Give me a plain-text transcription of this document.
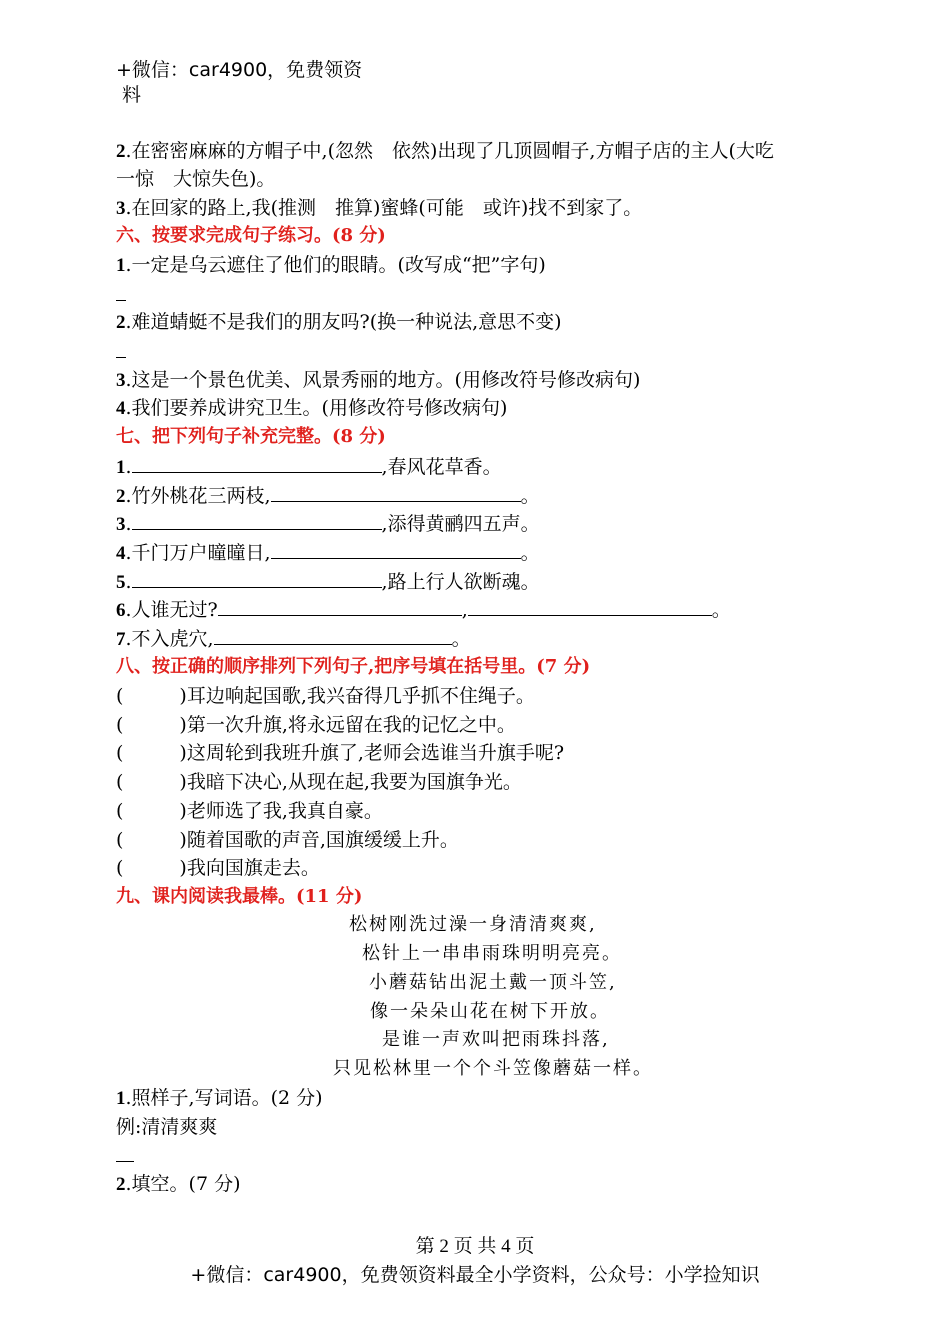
+微信：car4900，免费领资
料
2.在密密麻麻的方帽子中,(忽然　依然)出现了几顶圆帽子,方帽子店的主人(大吃
一惊　大惊失色)。
3.在回家的路上,我(推测　推算)蜜蜂(可能　或许)找不到家了。
六、按要求完成句子练习。(8 分)
1.一定是乌云遮住了他们的眼睛。(改写成“把”字句)
2.难道蜻蜓不是我们的朋友吗?(换一种说法,意思不变)
3.这是一个景色优美、风景秀丽的地方。(用修改符号修改病句)
4.我们要养成讲究卫生。(用修改符号修改病句)
七、把下列句子补充完整。(8 分)
1.	,春风花草香。
2.竹外桃花三两枝,	。
3.	,添得黄鹂四五声。
4.千门万户曈曈日,	。
5.	,路上行人欲断魂。
6.人谁无过?	,	。
7.不入虎穴,	。
八、按正确的顺序排列下列句子,把序号填在括号里。(7 分)
(	)耳边响起国歌,我兴奋得几乎抓不住绳子。
(	)第一次升旗,将永远留在我的记忆之中。
(	)这周轮到我班升旗了,老师会选谁当升旗手呢?
(	)我暗下决心,从现在起,我要为国旗争光。
(	)老师选了我,我真自豪。
(	)随着国歌的声音,国旗缓缓上升。
(	)我向国旗走去。
九、课内阅读我最棒。(11 分)
松树刚洗过澡一身清清爽爽,
松针上一串串雨珠明明亮亮。
小蘑菇钻出泥土戴一顶斗笠,
像一朵朵山花在树下开放。
是谁一声欢叫把雨珠抖落,
只见松林里一个个斗笠像蘑菇一样。
1.照样子,写词语。(2 分)
例:清清爽爽
2.填空。(7 分)
第 2 页 共 4 页
+微信：car4900，免费领资料最全小学资料，公众号：小学捡知识
